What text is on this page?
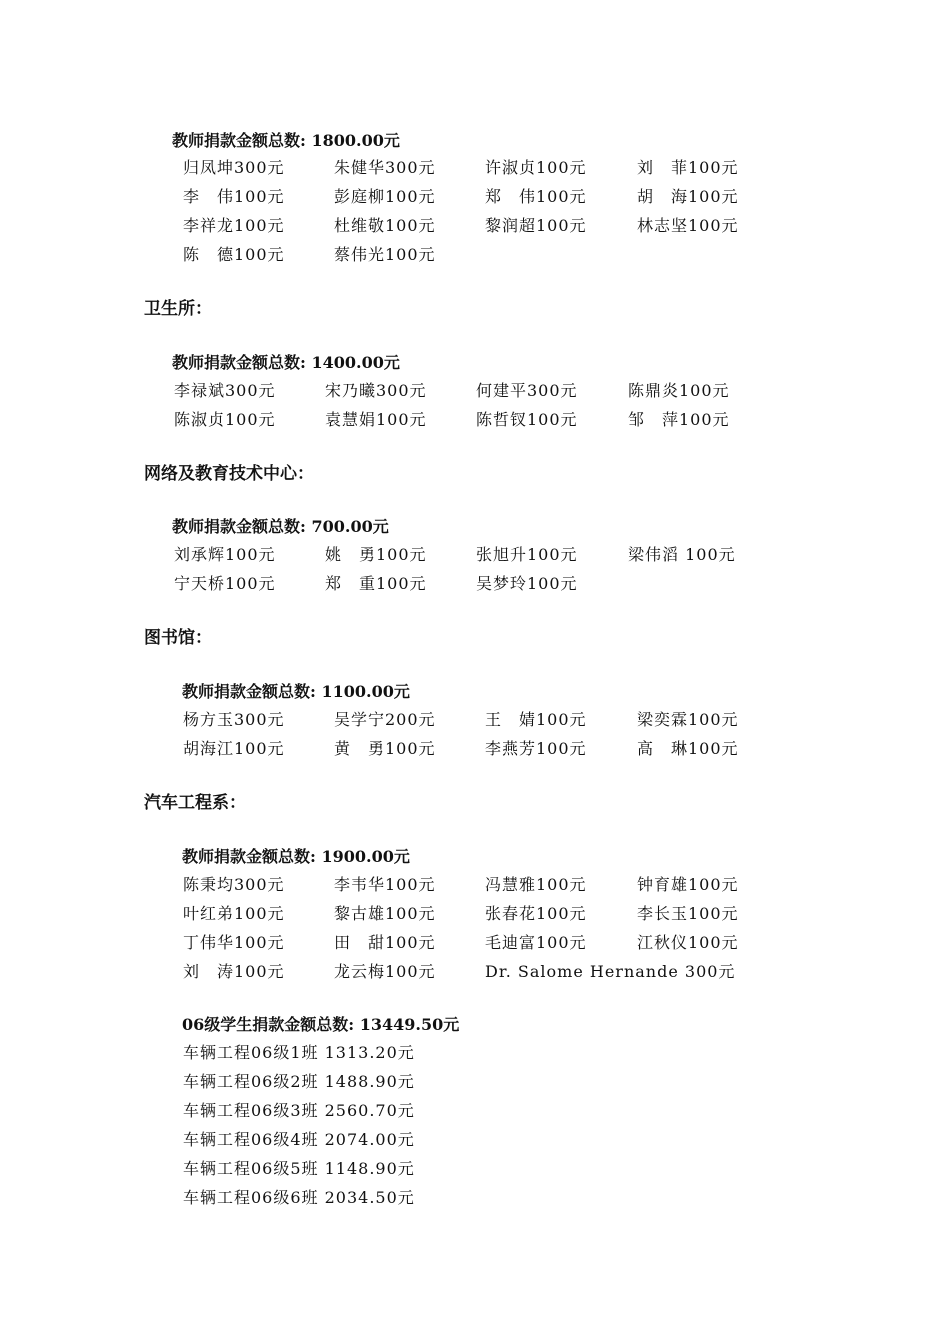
教师捐款金额总数: 1800.00元
归凤坤300元	朱健华300元	许淑贞100元	刘　菲100元
李　伟100元	彭庭柳100元	郑　伟100元	胡　海100元
李祥龙100元	杜维敬100元	黎润超100元	林志坚100元
陈　德100元	蔡伟光100元
卫生所：
教师捐款金额总数: 1400.00元
李禄斌300元	宋乃曦300元	何建平300元	陈鼎炎100元
陈淑贞100元	袁慧娟100元	陈哲钗100元	邹　萍100元
网络及教育技术中心：
教师捐款金额总数: 700.00元
刘承辉100元	姚　勇100元	张旭升100元	梁伟滔 100元
宁天桥100元	郑　重100元	吴梦玲100元
图书馆：
教师捐款金额总数: 1100.00元
杨方玉300元	吴学宁200元	王　婧100元	梁奕霖100元
胡海江100元	黄　勇100元	李燕芳100元	高　琳100元
汽车工程系：
教师捐款金额总数: 1900.00元
陈秉均300元	李韦华100元	冯慧雅100元	钟育雄100元
叶红弟100元	黎古雄100元	张春花100元	李长玉100元
丁伟华100元	田　甜100元	毛迪富100元	江秋仪100元
刘　涛100元	龙云梅100元	Dr. Salome Hernande 300元
06级学生捐款金额总数: 13449.50元
车辆工程06级1班 1313.20元
车辆工程06级2班 1488.90元
车辆工程06级3班 2560.70元
车辆工程06级4班 2074.00元
车辆工程06级5班 1148.90元
车辆工程06级6班 2034.50元
